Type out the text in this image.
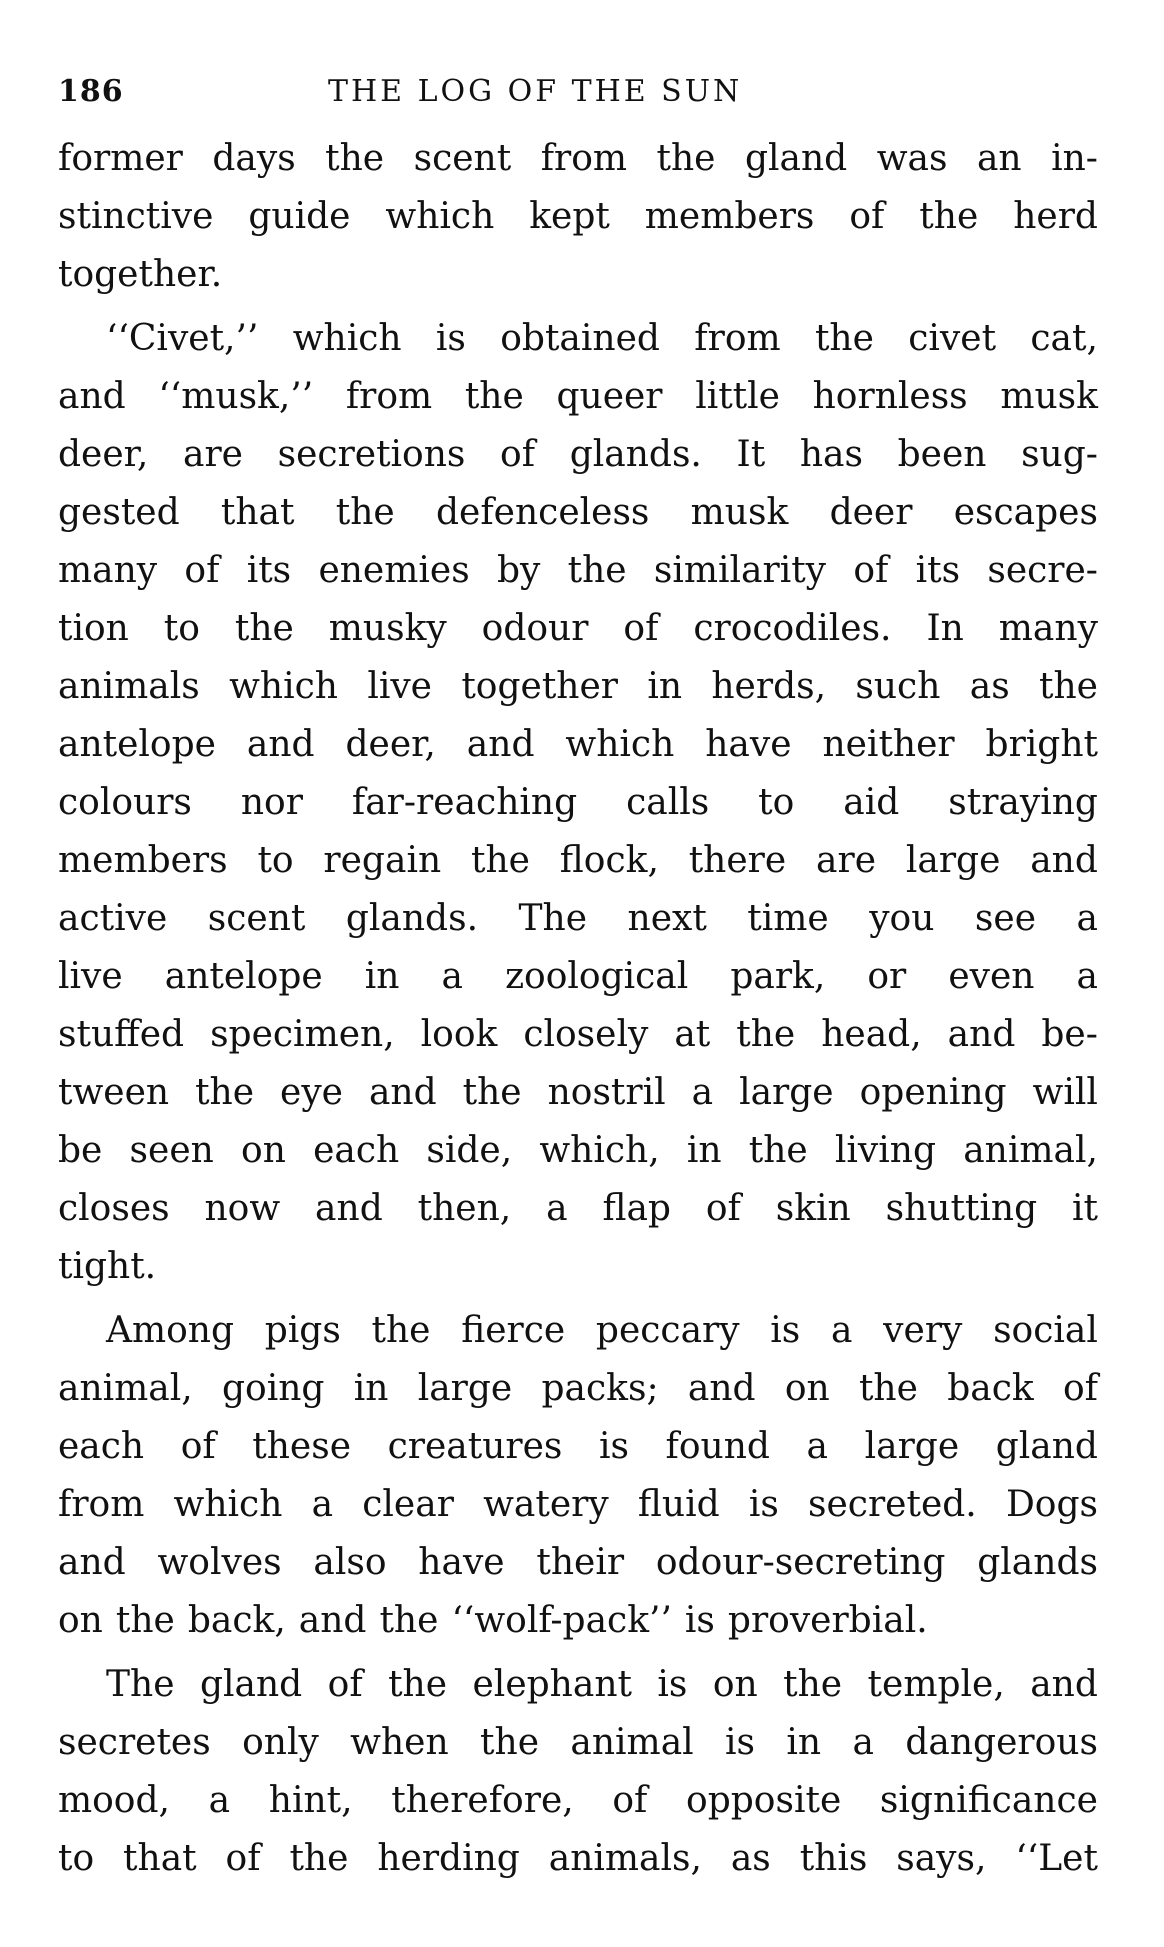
186	THE LOG OF THE SUN
former days the scent from the gland was an in-
stinctive guide which kept members of the herd
together.
‘‘Civet,’’ which is obtained from the civet cat,
and ‘‘musk,’’ from the queer little hornless musk
deer, are secretions of glands. It has been sug-
gested that the defenceless musk deer escapes
many of its enemies by the similarity of its secre-
tion to the musky odour of crocodiles. In many
animals which live together in herds, such as the
antelope and deer, and which have neither bright
colours nor far-reaching calls to aid straying
members to regain the flock, there are large and
active scent glands. The next time you see a
live antelope in a zoological park, or even a
stuffed specimen, look closely at the head, and be-
tween the eye and the nostril a large opening will
be seen on each side, which, in the living animal,
closes now and then, a flap of skin shutting it
tight.
Among pigs the fierce peccary is a very social
animal, going in large packs; and on the back of
each of these creatures is found a large gland
from which a clear watery fluid is secreted. Dogs
and wolves also have their odour-secreting glands
on the back, and the ‘‘wolf-pack’’ is proverbial.
The gland of the elephant is on the temple, and
secretes only when the animal is in a dangerous
mood, a hint, therefore, of opposite significance
to that of the herding animals, as this says, ‘‘Let
